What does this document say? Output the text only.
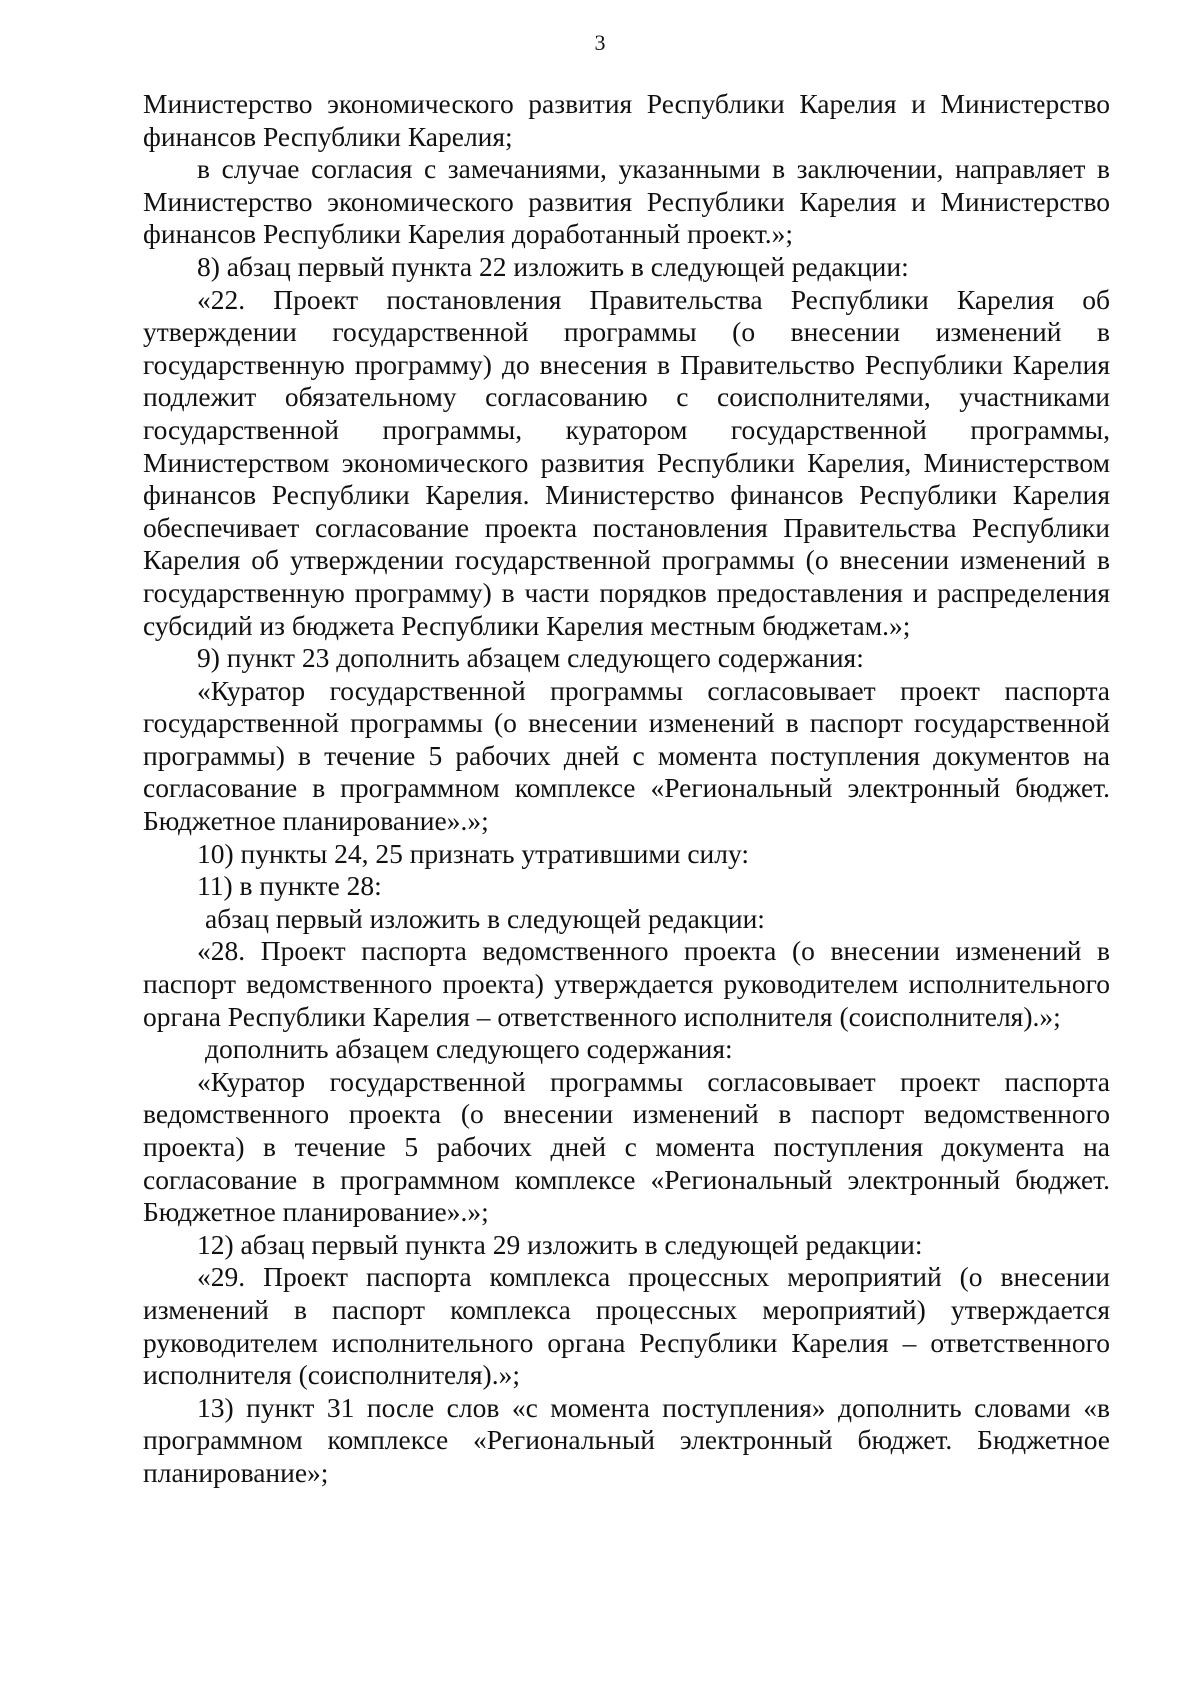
3

Министерство экономического развития Республики Карелия и Министерство финансов Республики Карелия;

в случае согласия с замечаниями, указанными в заключении, направляет в Министерство экономического развития Республики Карелия и Министерство финансов Республики Карелия доработанный проект.»;

8) абзац первый пункта 22 изложить в следующей редакции:

«22. Проект постановления Правительства Республики Карелия об утверждении государственной программы (о внесении изменений в государственную программу) до внесения в Правительство Республики Карелия подлежит обязательному согласованию с соисполнителями, участниками государственной программы, куратором государственной программы, Министерством экономического развития Республики Карелия, Министерством финансов Республики Карелия. Министерство финансов Республики Карелия обеспечивает согласование проекта постановления Правительства Республики Карелия об утверждении государственной программы (о внесении изменений в государственную программу) в части порядков предоставления и распределения субсидий из бюджета Республики Карелия местным бюджетам.»;

9) пункт 23 дополнить абзацем следующего содержания:

«Куратор государственной программы согласовывает проект паспорта государственной программы (о внесении изменений в паспорт государственной программы) в течение 5 рабочих дней с момента поступления документов на согласование в программном комплексе «Региональный электронный бюджет. Бюджетное планирование».»;

10) пункты 24, 25 признать утратившими силу:

11) в пункте 28:

абзац первый изложить в следующей редакции:

«28. Проект паспорта ведомственного проекта (о внесении изменений в паспорт ведомственного проекта) утверждается руководителем исполнительного органа Республики Карелия – ответственного исполнителя (соисполнителя).»;

дополнить абзацем следующего содержания:

«Куратор государственной программы согласовывает проект паспорта ведомственного проекта (о внесении изменений в паспорт ведомственного проекта) в течение 5 рабочих дней с момента поступления документа на согласование в программном комплексе «Региональный электронный бюджет. Бюджетное планирование».»;

12) абзац первый пункта 29 изложить в следующей редакции:

«29. Проект паспорта комплекса процессных мероприятий (о внесении изменений в паспорт комплекса процессных мероприятий) утверждается руководителем исполнительного органа Республики Карелия – ответственного исполнителя (соисполнителя).»;

13) пункт 31 после слов «с момента поступления» дополнить словами «в программном комплексе «Региональный электронный бюджет. Бюджетное планирование»;
